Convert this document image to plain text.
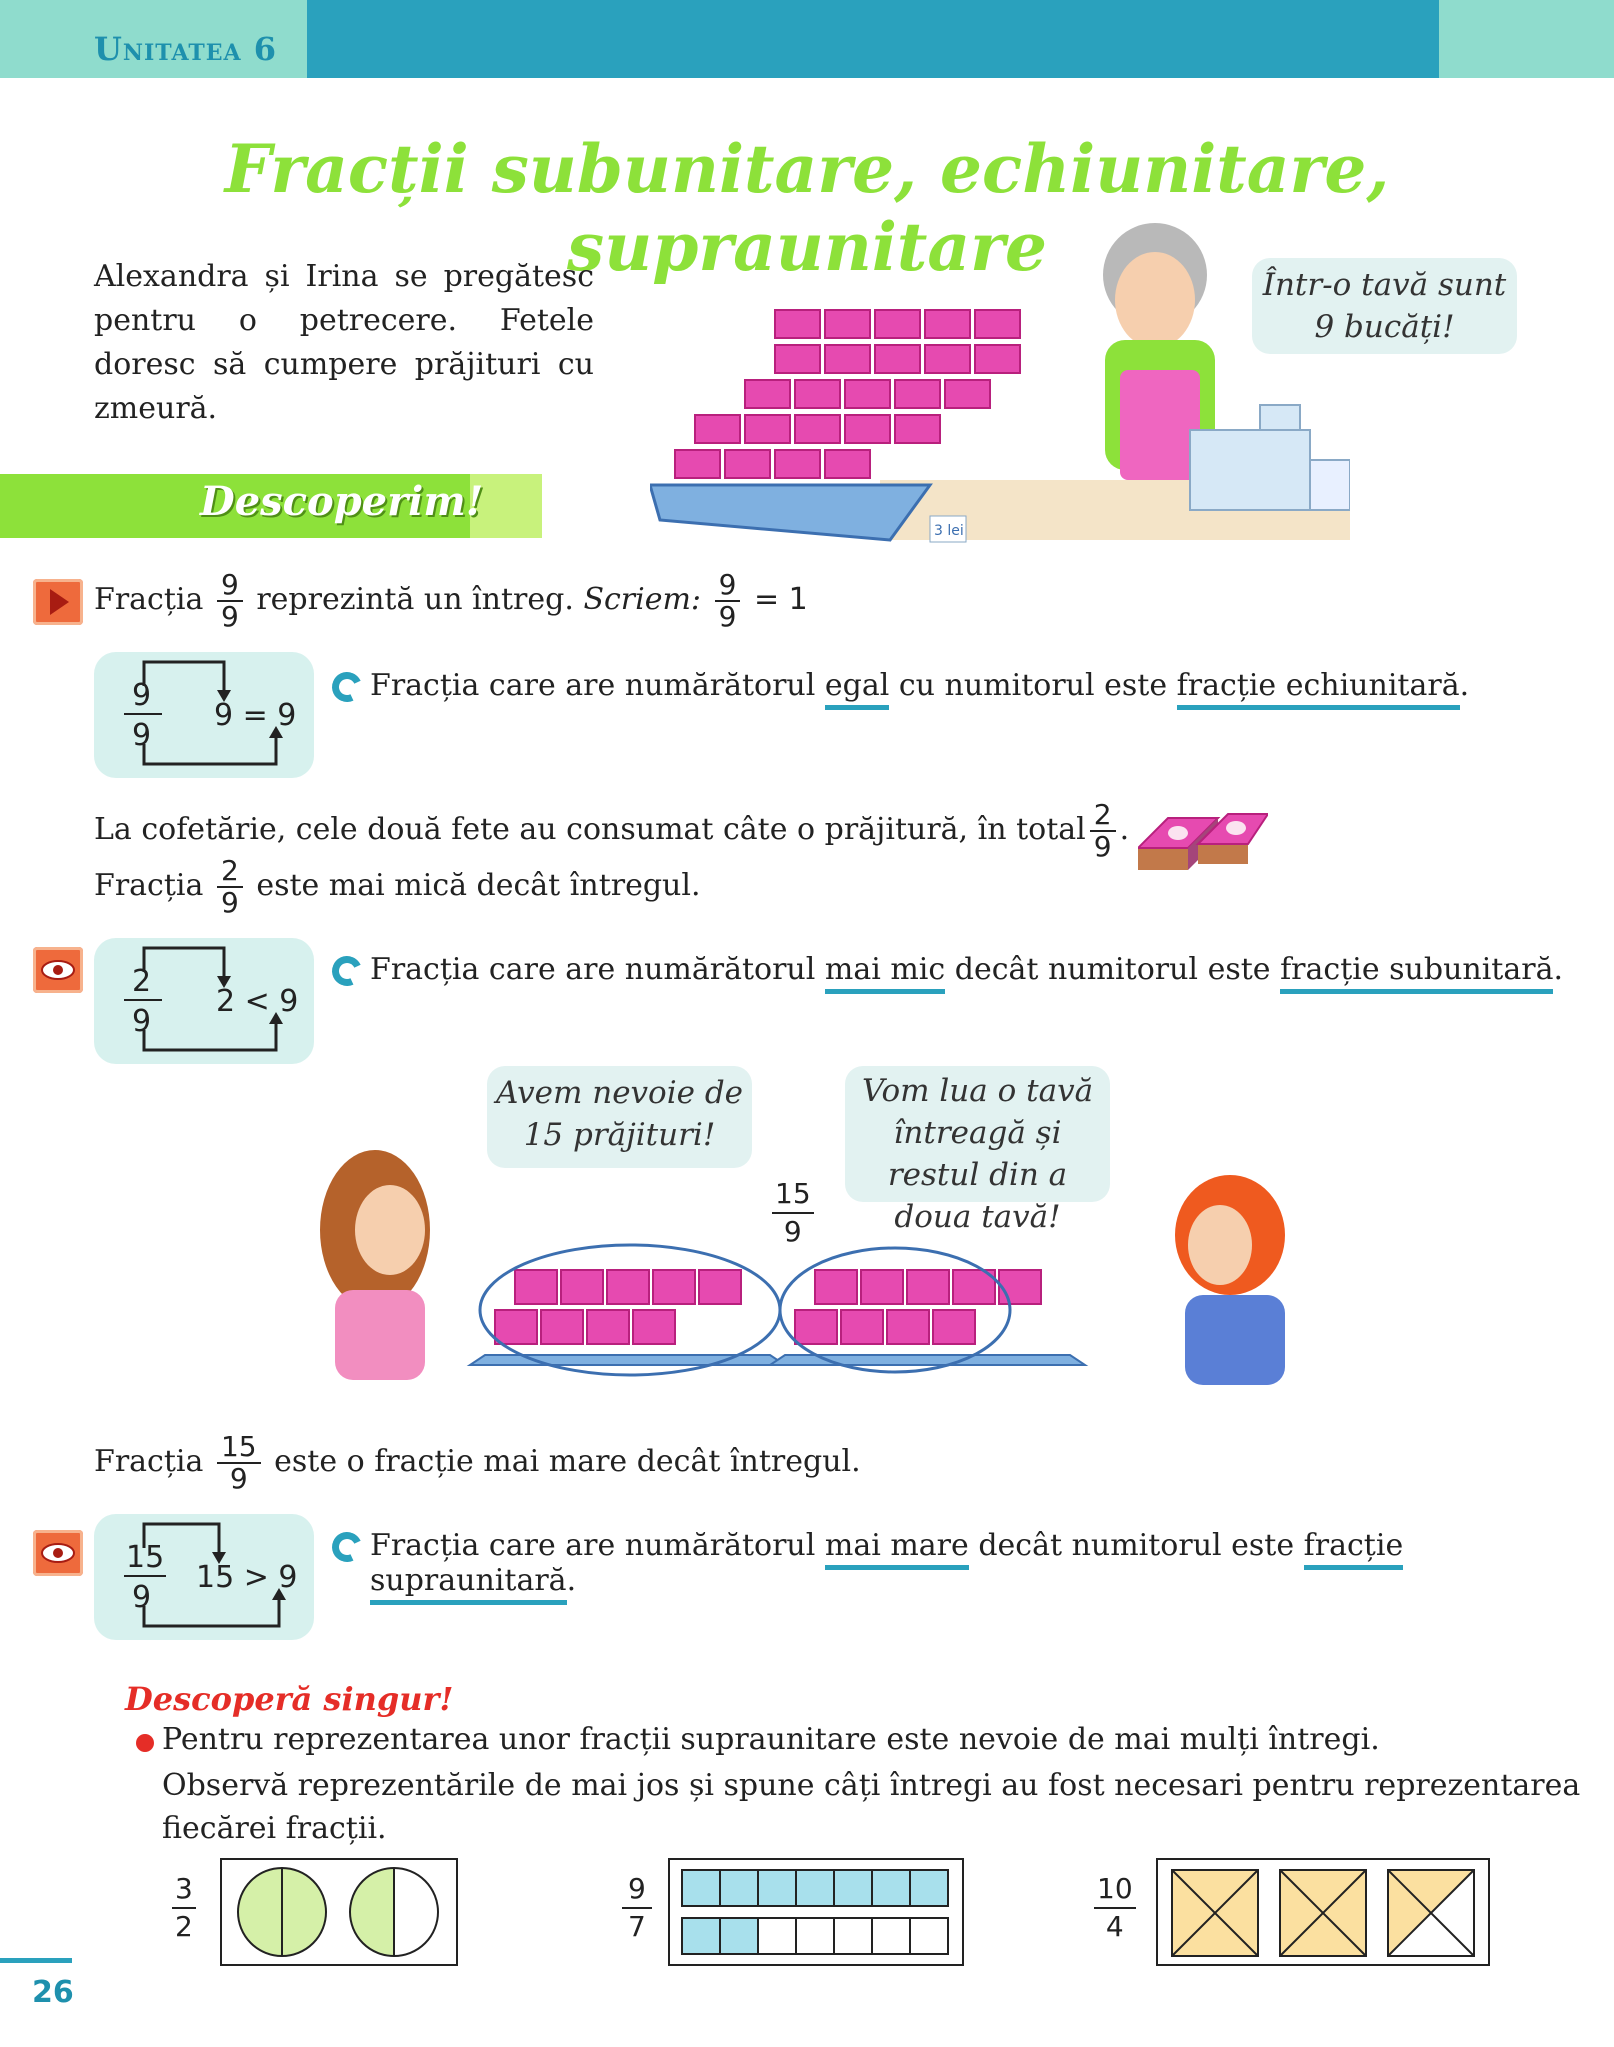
Unitatea 6
Fracții subunitare, echiunitare, supraunitare
Alexandra și Irina se pregătesc pentru o petrecere. Fetele doresc să cumpere prăjituri cu zmeură.
3 lei
Într-o tavă sunt 9 bucăți!
Descoperim!
Fracția $\frac{9}{9}$ reprezintă un întreg. Scriem: $\frac{9}{9} = 1$
9
9
9 = 9
Fracția care are numărătorul egal cu numitorul este fracție echiunitară.
La cofetărie, cele două fete au consumat câte o prăjitură, în total $\frac{2}{9}$ .
Fracția $\frac{2}{9}$ este mai mică decât întregul.
2
9
2 < 9
Fracția care are numărătorul mai mic decât numitorul este fracție subunitară.
Avem nevoie de 15 prăjituri!
Vom lua o tavă întreagă și restul din a doua tavă!
$\frac{15}{9}$
Fracția $\frac{15}{9}$ este o fracție mai mare decât întregul.
15
9
15 > 9
Fracția care are numărătorul mai mare decât numitorul este fracție supraunitară.
Descoperă singur!
Pentru reprezentarea unor fracții supraunitare este nevoie de mai mulți întregi.
Observă reprezentările de mai jos și spune câți întregi au fost necesari pentru reprezentarea fiecărei fracții.
$\frac{3}{2}$	$\frac{9}{7}$	$\frac{10}{4}$
26
